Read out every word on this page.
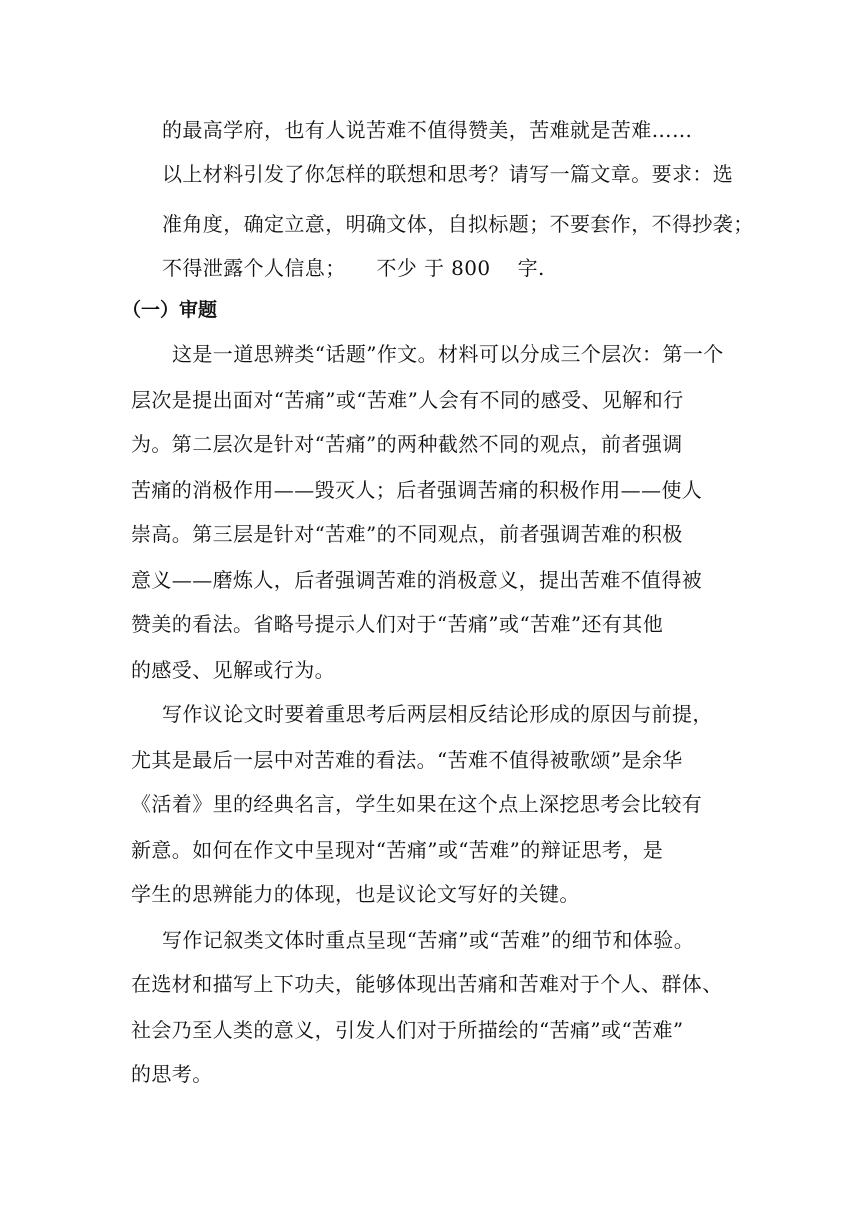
的最高学府，也有人说苦难不值得赞美，苦难就是苦难……
以上材料引发了你怎样的联想和思考？请写一篇文章。要求：选
准角度，确定立意，明确文体，自拟标题；不要套作，不得抄袭；
不得泄露个人信息；　　不少 于 800　 字.
（一）审题
这是一道思辨类“话题”作文。材料可以分成三个层次：第一个
层次是提出面对“苦痛”或“苦难”人会有不同的感受、见解和行
为。第二层次是针对“苦痛”的两种截然不同的观点，前者强调
苦痛的消极作用——毁灭人；后者强调苦痛的积极作用——使人
崇高。第三层是针对“苦难”的不同观点，前者强调苦难的积极
意义——磨炼人，后者强调苦难的消极意义，提出苦难不值得被
赞美的看法。省略号提示人们对于“苦痛”或“苦难”还有其他
的感受、见解或行为。
写作议论文时要着重思考后两层相反结论形成的原因与前提，
尤其是最后一层中对苦难的看法。“苦难不值得被歌颂”是余华
《活着》里的经典名言，学生如果在这个点上深挖思考会比较有
新意。如何在作文中呈现对“苦痛”或“苦难”的辩证思考，是
学生的思辨能力的体现，也是议论文写好的关键。
写作记叙类文体时重点呈现“苦痛”或“苦难”的细节和体验。
在选材和描写上下功夫，能够体现出苦痛和苦难对于个人、群体、
社会乃至人类的意义，引发人们对于所描绘的“苦痛”或“苦难”
的思考。
